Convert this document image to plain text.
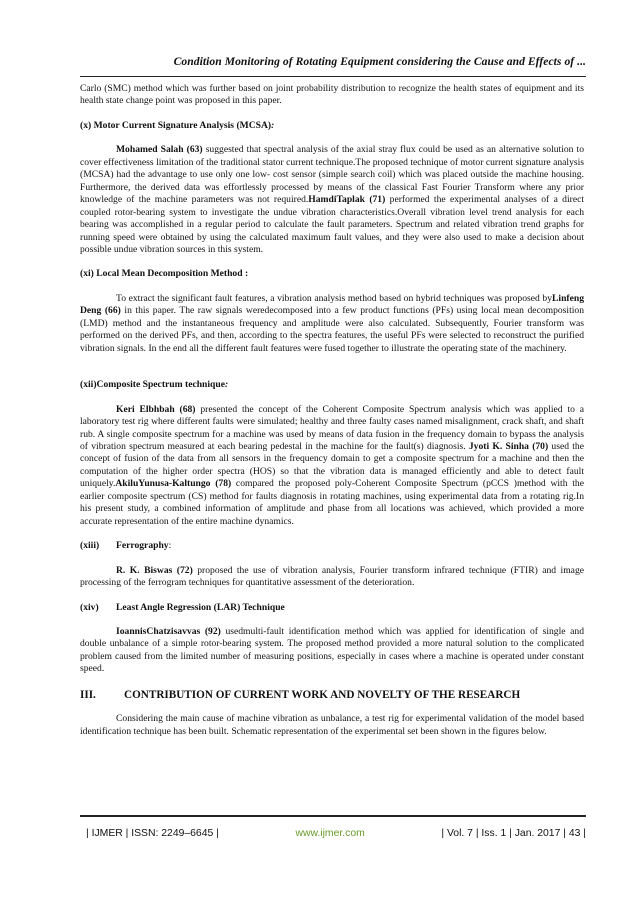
Condition Monitoring of Rotating Equipment considering the Cause and Effects of ...

Carlo (SMC) method which was further based on joint probability distribution to recognize the health states of equipment and its health state change point was proposed in this paper.

(x) Motor Current Signature Analysis (MCSA):

Mohamed Salah (63) suggested that spectral analysis of the axial stray flux could be used as an alternative solution to cover effectiveness limitation of the traditional stator current technique.The proposed technique of motor current signature analysis (MCSA) had the advantage to use only one low- cost sensor (simple search coil) which was placed outside the machine housing. Furthermore, the derived data was effortlessly processed by means of the classical Fast Fourier Transform where any prior knowledge of the machine parameters was not required.HamdiTaplak (71) performed the experimental analyses of a direct coupled rotor-bearing system to investigate the undue vibration characteristics.Overall vibration level trend analysis for each bearing was accomplished in a regular period to calculate the fault parameters. Spectrum and related vibration trend graphs for running speed were obtained by using the calculated maximum fault values, and they were also used to make a decision about possible undue vibration sources in this system.

(xi) Local Mean Decomposition Method :

To extract the significant fault features, a vibration analysis method based on hybrid techniques was proposed byLinfeng Deng (66) in this paper. The raw signals weredecomposed into a few product functions (PFs) using local mean decomposition (LMD) method and the instantaneous frequency and amplitude were also calculated. Subsequently, Fourier transform was performed on the derived PFs, and then, according to the spectra features, the useful PFs were selected to reconstruct the purified vibration signals. In the end all the different fault features were fused together to illustrate the operating state of the machinery.

(xii)Composite Spectrum technique:

Keri Elbhbah (68) presented the concept of the Coherent Composite Spectrum analysis which was applied to a laboratory test rig where different faults were simulated; healthy and three faulty cases named misalignment, crack shaft, and shaft rub. A single composite spectrum for a machine was used by means of data fusion in the frequency domain to bypass the analysis of vibration spectrum measured at each bearing pedestal in the machine for the fault(s) diagnosis. Jyoti K. Sinha (70) used the concept of fusion of the data from all sensors in the frequency domain to get a composite spectrum for a machine and then the computation of the higher order spectra (HOS) so that the vibration data is managed efficiently and able to detect fault uniquely.AkiluYunusa-Kaltungo (78) compared the proposed poly-Coherent Composite Spectrum (pCCS )method with the earlier composite spectrum (CS) method for faults diagnosis in rotating machines, using experimental data from a rotating rig.In his present study, a combined information of amplitude and phase from all locations was achieved, which provided a more accurate representation of the entire machine dynamics.

(xiii) Ferrography:

R. K. Biswas (72) proposed the use of vibration analysis, Fourier transform infrared technique (FTIR) and image processing of the ferrogram techniques for quantitative assessment of the deterioration.

(xiv) Least Angle Regression (LAR) Technique

IoannisChatzisavvas (92) usedmulti-fault identification method which was applied for identification of single and double unbalance of a simple rotor-bearing system. The proposed method provided a more natural solution to the complicated problem caused from the limited number of measuring positions, especially in cases where a machine is operated under constant speed.

III.	CONTRIBUTION OF CURRENT WORK AND NOVELTY OF THE RESEARCH

Considering the main cause of machine vibration as unbalance, a test rig for experimental validation of the model based identification technique has been built. Schematic representation of the experimental set been shown in the figures below.

| IJMER | ISSN: 2249–6645 |	www.ijmer.com	| Vol. 7 | Iss. 1 | Jan. 2017 | 43 |
